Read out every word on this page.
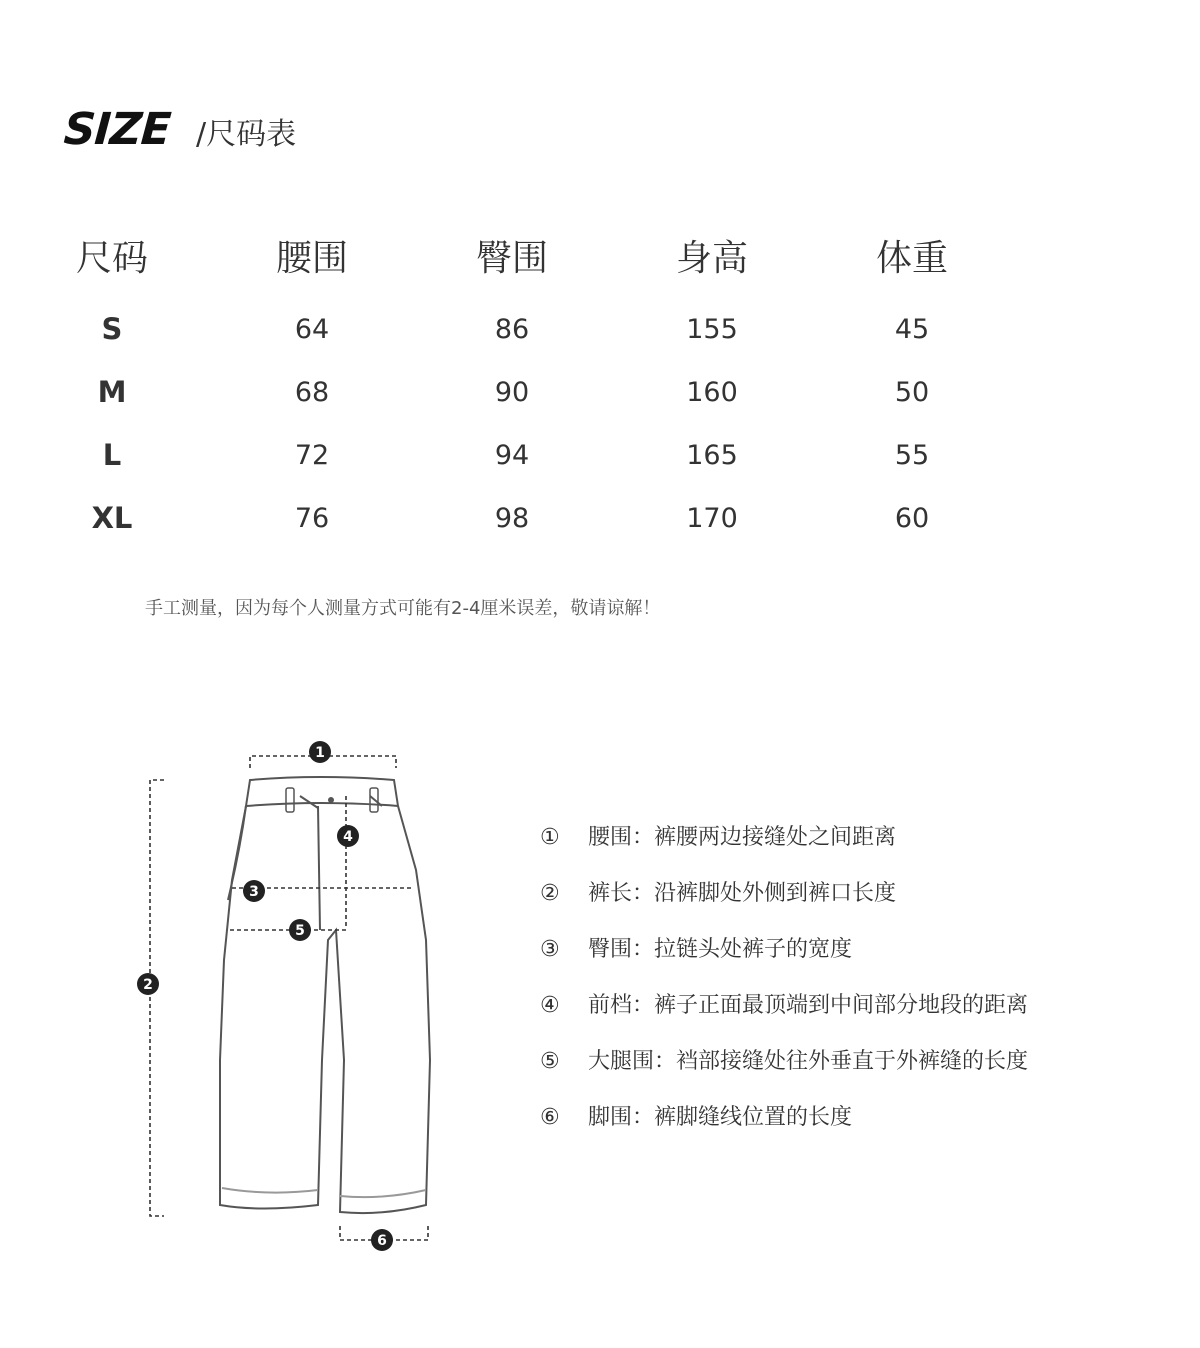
SIZE /尺码表
尺码	腰围	臀围	身高	体重
S	64	86	155	45
M	68	90	160	50
L	72	94	165	55
XL	76	98	170	60
手工测量，因为每个人测量方式可能有2-4厘米误差，敬请谅解！
1
2
3
4
5
6
①	腰围：裤腰两边接缝处之间距离
②	裤长：沿裤脚处外侧到裤口长度
③	臀围：拉链头处裤子的宽度
④	前档：裤子正面最顶端到中间部分地段的距离
⑤	大腿围：裆部接缝处往外垂直于外裤缝的长度
⑥	脚围：裤脚缝线位置的长度
